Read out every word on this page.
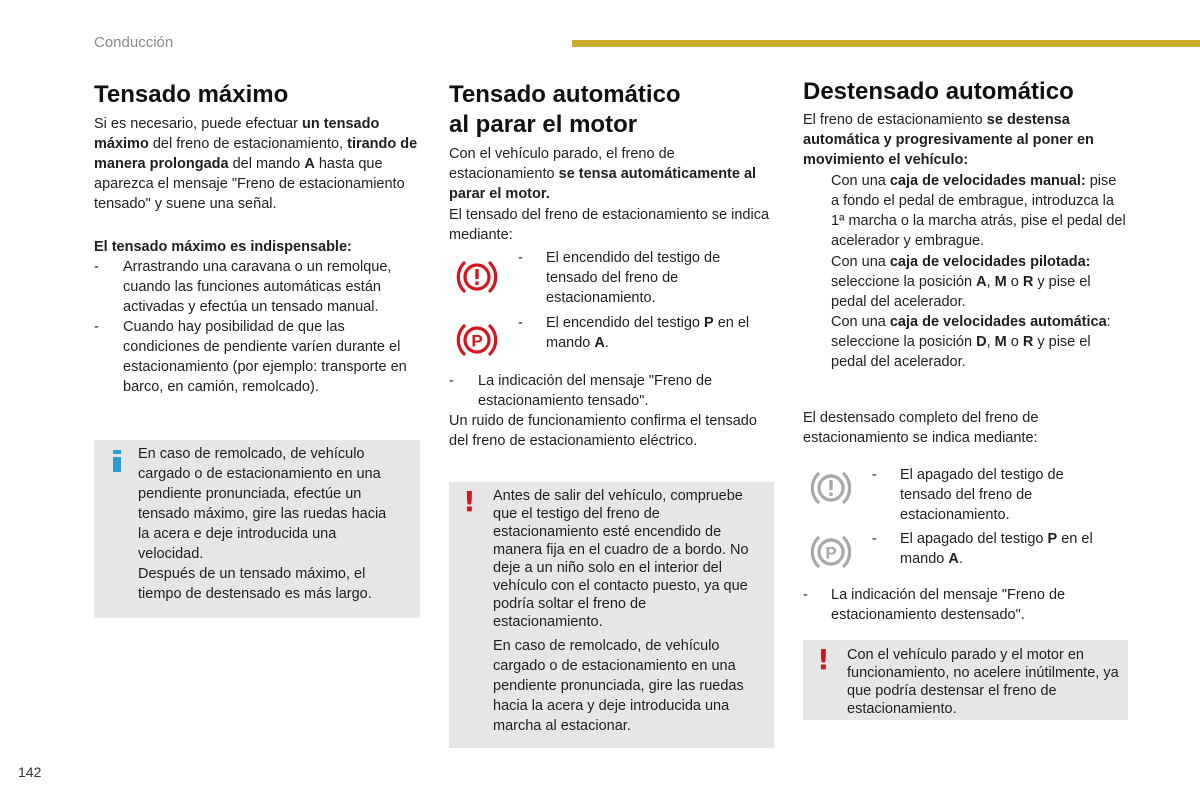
Conducción
142
Tensado máximo

Si es necesario, puede efectuar un tensado máximo del freno de estacionamiento, tirando de manera prolongada del mando A hasta que aparezca el mensaje "Freno de estacionamiento tensado" y suene una señal.

El tensado máximo es indispensable:

- Arrastrando una caravana o un remolque, cuando las funciones automáticas están activadas y efectúa un tensado manual.

- Cuando hay posibilidad de que las condiciones de pendiente varíen durante el estacionamiento (por ejemplo: transporte en barco, en camión, remolcado).

En caso de remolcado, de vehículo cargado o de estacionamiento en una pendiente pronunciada, efectúe un tensado máximo, gire las ruedas hacia la acera e deje introducida una velocidad.

Después de un tensado máximo, el tiempo de destensado es más largo.

Tensado automático
al parar el motor

Con el vehículo parado, el freno de estacionamiento se tensa automáticamente al parar el motor.

El tensado del freno de estacionamiento se indica mediante:

- El encendido del testigo de tensado del freno de estacionamiento.

P
- El encendido del testigo P en el mando A.

- La indicación del mensaje "Freno de estacionamiento tensado".

Un ruido de funcionamiento confirma el tensado del freno de estacionamiento eléctrico.

! Antes de salir del vehículo, compruebe que el testigo del freno de estacionamiento esté encendido de manera fija en el cuadro de a bordo. No deje a un niño solo en el interior del vehículo con el contacto puesto, ya que podría soltar el freno de estacionamiento.

En caso de remolcado, de vehículo cargado o de estacionamiento en una pendiente pronunciada, gire las ruedas hacia la acera y deje introducida una marcha al estacionar.

Destensado automático

El freno de estacionamiento se destensa automática y progresivamente al poner en movimiento el vehículo:

Con una caja de velocidades manual: pise a fondo el pedal de embrague, introduzca la 1ª marcha o la marcha atrás, pise el pedal del acelerador y embrague.

Con una caja de velocidades pilotada: seleccione la posición A, M o R y pise el pedal del acelerador.

Con una caja de velocidades automática: seleccione la posición D, M o R y pise el pedal del acelerador.

El destensado completo del freno de estacionamiento se indica mediante:

- El apagado del testigo de tensado del freno de estacionamiento.

P
- El apagado del testigo P en el mando A.

- La indicación del mensaje "Freno de estacionamiento destensado".

! Con el vehículo parado y el motor en funcionamiento, no acelere inútilmente, ya que podría destensar el freno de estacionamiento.
